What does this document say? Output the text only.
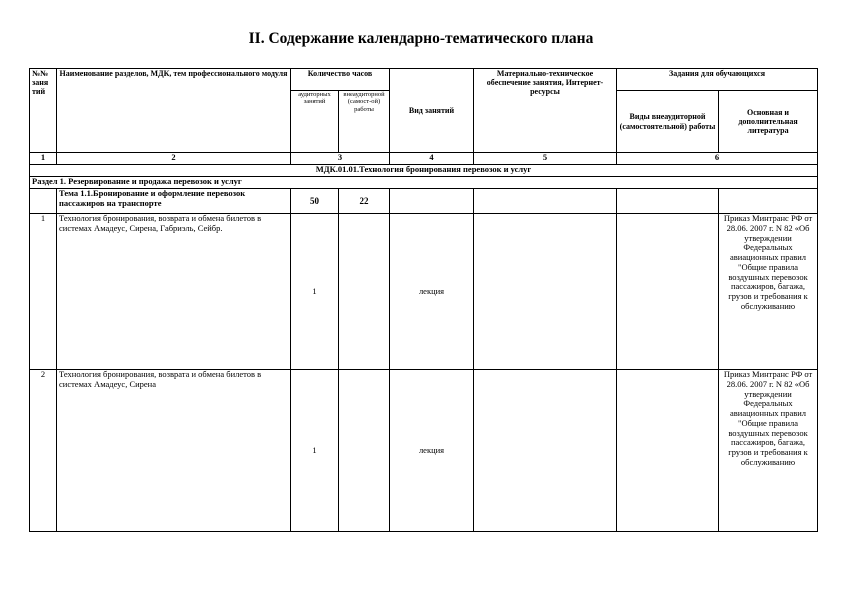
II. Содержание календарно-тематического плана
№№ заня тий	Наименование разделов, МДК, тем профессионального модуля	Количество часов		Вид занятий	Материально-техническое обеспечение занятия, Интернет-ресурсы	Задания для обучающихся	
		аудиторных занятий	внеаудиторной (самост-ой) работы			Виды внеаудиторной (самостоятельной) работы	Основная и дополнительная литература
1	2	3		4	5	6	
МДК.01.01.Технология бронирования перевозок и услуг							
Раздел 1. Резервирование и продажа перевозок и услуг							
	Тема 1.1.Бронирование и оформление перевозок пассажиров на транспорте	50	22				
1	Технология бронирования, возврата и обмена билетов в системах Амадеус, Сирена, Габриэль, Сейбр.	1		лекция			Приказ Минтранс РФ от 28.06. 2007 г. N 82 «Об утверждении Федеральных авиационных правил "Общие правила воздушных перевозок пассажиров, багажа, грузов и требования к обслуживанию
2	Технология бронирования, возврата и обмена билетов в системах Амадеус, Сирена	1		лекция			Приказ Минтранс РФ от 28.06. 2007 г. N 82 «Об утверждении Федеральных авиационных правил "Общие правила воздушных перевозок пассажиров, багажа, грузов и требования к обслуживанию
